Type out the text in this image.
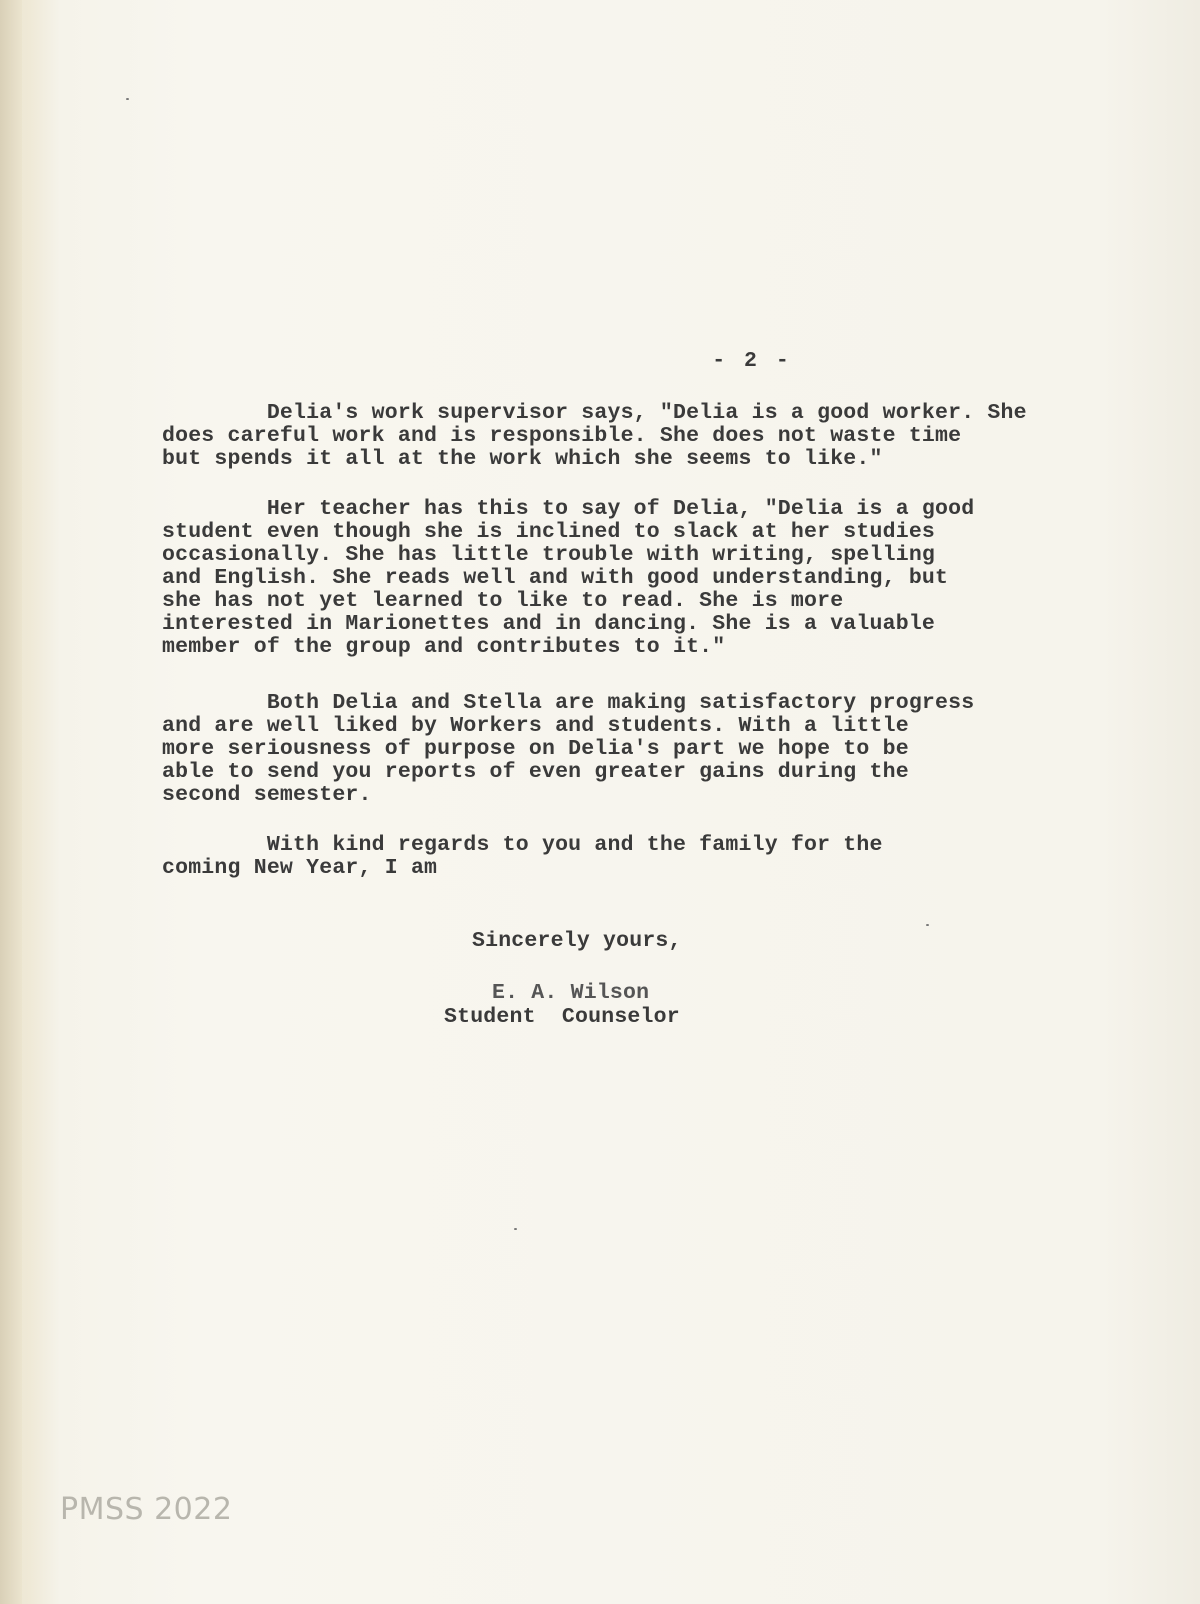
- 2 -
Delia's work supervisor says, "Delia is a good worker. She
does careful work and is responsible. She does not waste time
but spends it all at the work which she seems to like."
Her teacher has this to say of Delia, "Delia is a good
student even though she is inclined to slack at her studies
occasionally. She has little trouble with writing, spelling
and English. She reads well and with good understanding, but
she has not yet learned to like to read. She is more
interested in Marionettes and in dancing. She is a valuable
member of the group and contributes to it."
Both Delia and Stella are making satisfactory progress
and are well liked by Workers and students. With a little
more seriousness of purpose on Delia's part we hope to be
able to send you reports of even greater gains during the
second semester.
With kind regards to you and the family for the
coming New Year, I am
Sincerely yours,
E. A. Wilson
Student  Counselor
PMSS 2022
